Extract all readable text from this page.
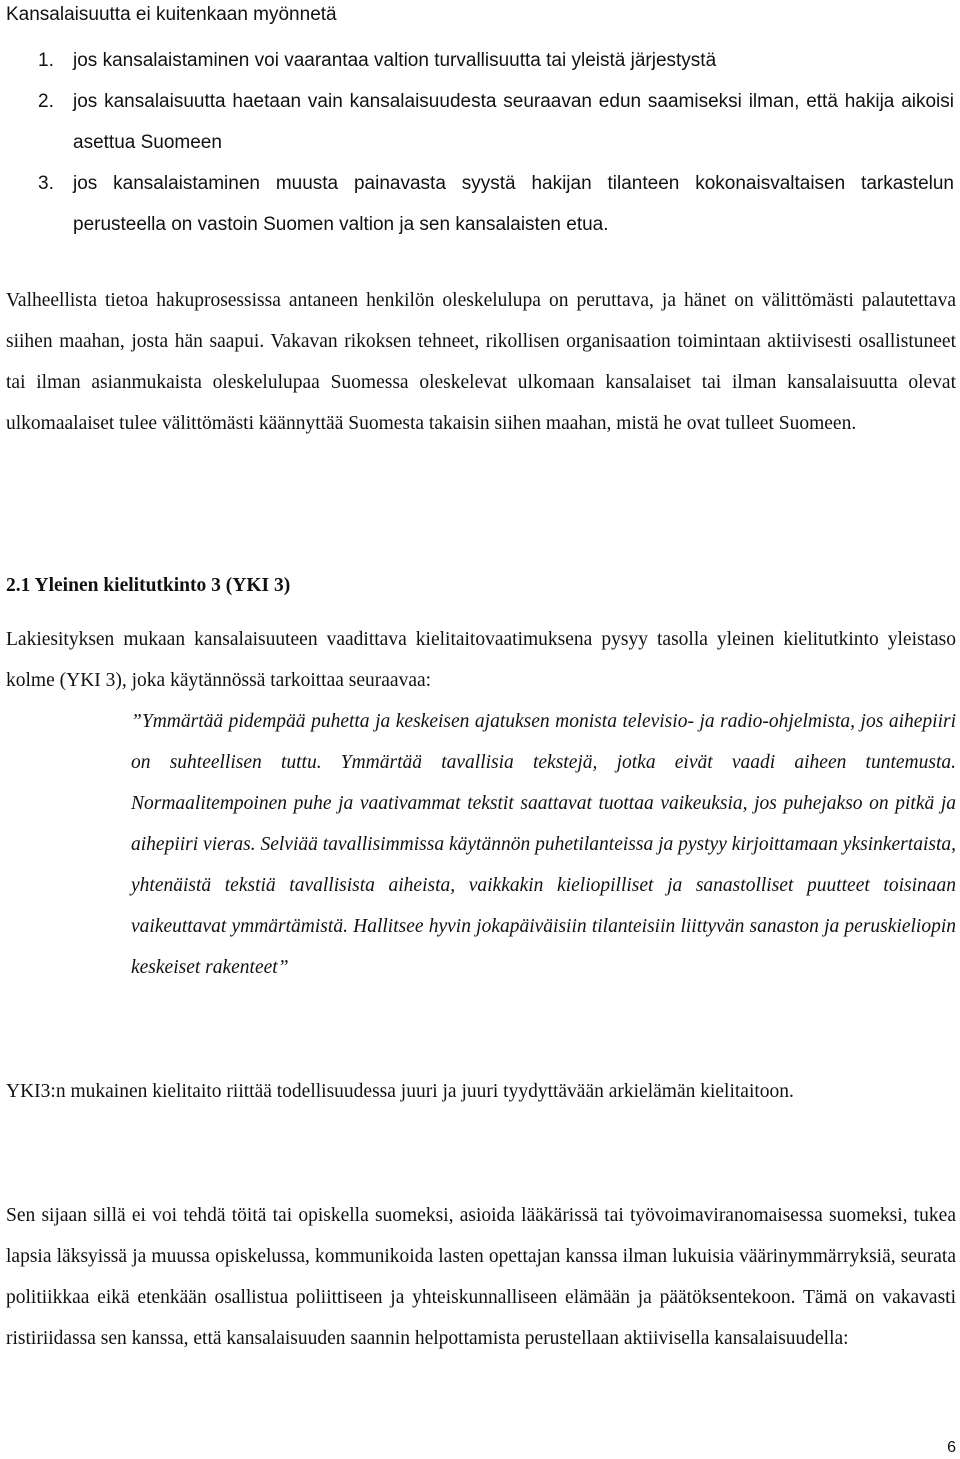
Kansalaisuutta ei kuitenkaan myönnetä
1. jos kansalaistaminen voi vaarantaa valtion turvallisuutta tai yleistä järjestystä
2. jos kansalaisuutta haetaan vain kansalaisuudesta seuraavan edun saamiseksi ilman, että hakija aikoisi asettua Suomeen
3. jos kansalaistaminen muusta painavasta syystä hakijan tilanteen kokonaisvaltaisen tarkastelun perusteella on vastoin Suomen valtion ja sen kansalaisten etua.

Valheellista tietoa hakuprosessissa antaneen henkilön oleskelulupa on peruttava, ja hänet on välittömästi palautettava siihen maahan, josta hän saapui. Vakavan rikoksen tehneet, rikollisen organisaation toimintaan aktiivisesti osallistuneet tai ilman asianmukaista oleskelulupaa Suomessa oleskelevat ulkomaan kansalaiset tai ilman kansalaisuutta olevat ulkomaalaiset tulee välittömästi käännyttää Suomesta takaisin siihen maahan, mistä he ovat tulleet Suomeen.

2.1 Yleinen kielitutkinto 3 (YKI 3)

Lakiesityksen mukaan kansalaisuuteen vaadittava kielitaitovaatimuksena pysyy tasolla yleinen kielitutkinto yleistaso kolme (YKI 3), joka käytännössä tarkoittaa seuraavaa:

”Ymmärtää pidempää puhetta ja keskeisen ajatuksen monista televisio- ja radio-ohjelmista, jos aihepiiri on suhteellisen tuttu. Ymmärtää tavallisia tekstejä, jotka eivät vaadi aiheen tuntemusta. Normaalitempoinen puhe ja vaativammat tekstit saattavat tuottaa vaikeuksia, jos puhejakso on pitkä ja aihepiiri vieras. Selviää tavallisimmissa käytännön puhetilanteissa ja pystyy kirjoittamaan yksinkertaista, yhtenäistä tekstiä tavallisista aiheista, vaikkakin kieliopilliset ja sanastolliset puutteet toisinaan vaikeuttavat ymmärtämistä. Hallitsee hyvin jokapäiväisiin tilanteisiin liittyvän sanaston ja peruskieliopin keskeiset rakenteet”

YKI3:n mukainen kielitaito riittää todellisuudessa juuri ja juuri tyydyttävään arkielämän kielitaitoon.

Sen sijaan sillä ei voi tehdä töitä tai opiskella suomeksi, asioida lääkärissä tai työvoimaviranomaisessa suomeksi, tukea lapsia läksyissä ja muussa opiskelussa, kommunikoida lasten opettajan kanssa ilman lukuisia väärinymmärryksiä, seurata politiikkaa eikä etenkään osallistua poliittiseen ja yhteiskunnalliseen elämään ja päätöksentekoon. Tämä on vakavasti ristiriidassa sen kanssa, että kansalaisuuden saannin helpottamista perustellaan aktiivisella kansalaisuudella:

6
